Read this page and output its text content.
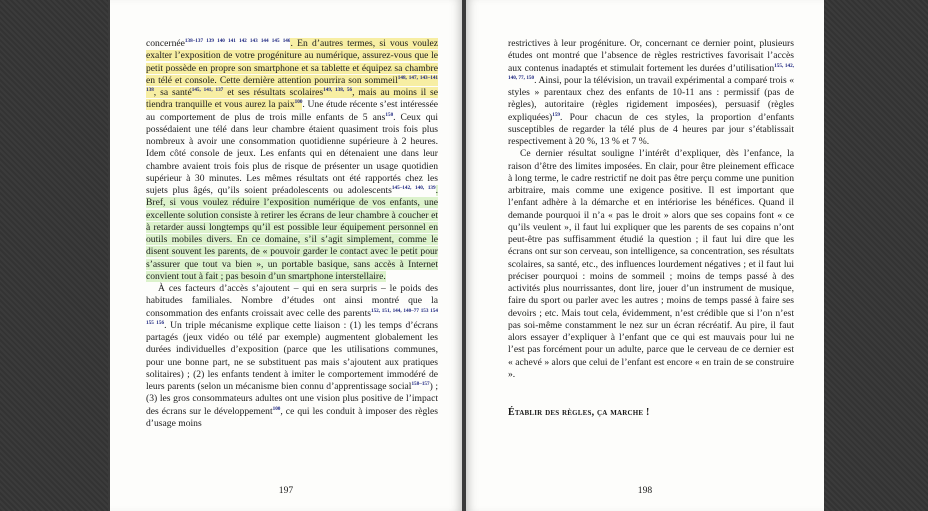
concernée$^{138-137 139 140 141 142 143 144 145 146}$. En d’autres termes, si vous voulez exalter l’exposition de votre progéniture au numérique, assurez-vous que le petit possède en propre son smartphone et sa tablette et équipez sa chambre en télé et console. Cette dernière attention pourrira son sommeil$^{148, 147, 143-141 138}$, sa santé$^{145, 141, 137}$ et ses résultats scolaires$^{149, 138, 56}$, mais au moins il se tiendra tranquille et vous aurez la paix$^{100}$. Une étude récente s’est intéressée au comportement de plus de trois mille enfants de 5 ans$^{150}$. Ceux qui possédaient une télé dans leur chambre étaient quasiment trois fois plus nombreux à avoir une consommation quotidienne supérieure à 2 heures. Idem côté console de jeux. Les enfants qui en détenaient une dans leur chambre avaient trois fois plus de risque de présenter un usage quotidien supérieur à 30 minutes. Les mêmes résultats ont été rapportés chez les sujets plus âgés, qu’ils soient préadolescents ou adolescents$^{145-142, 140, 139}$. Bref, si vous voulez réduire l’exposition numérique de vos enfants, une excellente solution consiste à retirer les écrans de leur chambre à coucher et à retarder aussi longtemps qu’il est possible leur équipement personnel en outils mobiles divers. En ce domaine, s’il s’agit simplement, comme le disent souvent les parents, de « pouvoir garder le contact avec le petit pour s’assurer que tout va bien », un portable basique, sans accès à Internet convient tout à fait ; pas besoin d’un smartphone interstellaire.

À ces facteurs d’accès s’ajoutent – qui en sera surpris – le poids des habitudes familiales. Nombre d’études ont ainsi montré que la consommation des enfants croissait avec celle des parents$^{152, 151, 144, 140-77 153 154 155 156}$. Un triple mécanisme explique cette liaison : (1) les temps d’écrans partagés (jeux vidéo ou télé par exemple) augmentent globalement les durées individuelles d’exposition (parce que les utilisations communes, pour une bonne part, ne se substituent pas mais s’ajoutent aux pratiques solitaires) ; (2) les enfants tendent à imiter le comportement immodéré de leurs parents (selon un mécanisme bien connu d’apprentissage social$^{158-157}$) ; (3) les gros consommateurs adultes ont une vision plus positive de l’impact des écrans sur le développement$^{100}$, ce qui les conduit à imposer des règles d’usage moins

197

restrictives à leur progéniture. Or, concernant ce dernier point, plusieurs études ont montré que l’absence de règles restrictives favorisait l’accès aux contenus inadaptés et stimulait fortement les durées d’utilisation$^{155, 142, 140, 77, 150}$. Ainsi, pour la télévision, un travail expérimental a comparé trois « styles » parentaux chez des enfants de 10-11 ans : permissif (pas de règles), autoritaire (règles rigidement imposées), persuasif (règles expliquées)$^{159}$. Pour chacun de ces styles, la proportion d’enfants susceptibles de regarder la télé plus de 4 heures par jour s’établissait respectivement à 20 %, 13 % et 7 %.

Ce dernier résultat souligne l’intérêt d’expliquer, dès l’enfance, la raison d’être des limites imposées. En clair, pour être pleinement efficace à long terme, le cadre restrictif ne doit pas être perçu comme une punition arbitraire, mais comme une exigence positive. Il est important que l’enfant adhère à la démarche et en intériorise les bénéfices. Quand il demande pourquoi il n’a « pas le droit » alors que ses copains font « ce qu’ils veulent », il faut lui expliquer que les parents de ses copains n’ont peut-être pas suffisamment étudié la question ; il faut lui dire que les écrans ont sur son cerveau, son intelligence, sa concentration, ses résultats scolaires, sa santé, etc., des influences lourdement négatives ; et il faut lui préciser pourquoi : moins de sommeil ; moins de temps passé à des activités plus nourrissantes, dont lire, jouer d’un instrument de musique, faire du sport ou parler avec les autres ; moins de temps passé à faire ses devoirs ; etc. Mais tout cela, évidemment, n’est crédible que si l’on n’est pas soi-même constamment le nez sur un écran récréatif. Au pire, il faut alors essayer d’expliquer à l’enfant que ce qui est mauvais pour lui ne l’est pas forcément pour un adulte, parce que le cerveau de ce dernier est « achevé » alors que celui de l’enfant est encore « en train de se construire ».

Établir des règles, ça marche !
198
